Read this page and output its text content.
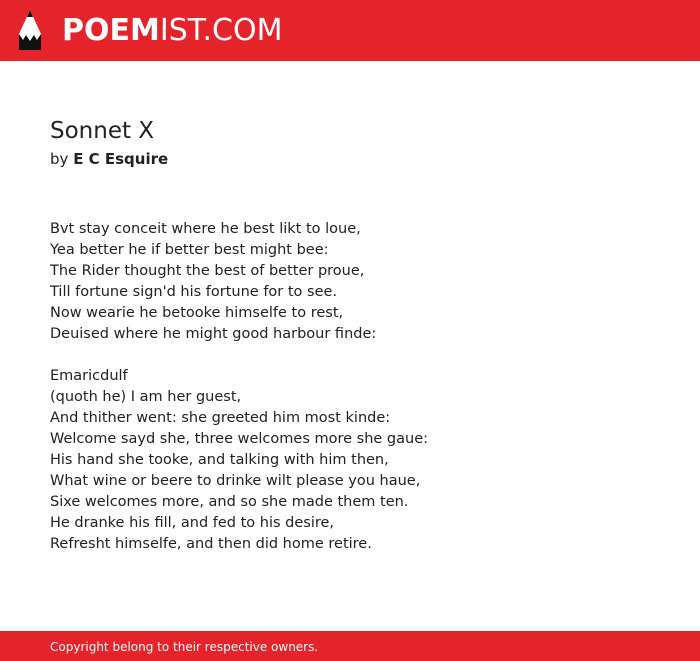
POEMIST.COM
Sonnet X
by E C Esquire
Bvt stay conceit where he best likt to loue,
Yea better he if better best might bee:
The Rider thought the best of better proue,
Till fortune sign'd his fortune for to see.
Now wearie he betooke himselfe to rest,
Deuised where he might good harbour finde:
Emaricdulf
(quoth he) I am her guest,
And thither went: she greeted him most kinde:
Welcome sayd she, three welcomes more she gaue:
His hand she tooke, and talking with him then,
What wine or beere to drinke wilt please you haue,
Sixe welcomes more, and so she made them ten.
He dranke his fill, and fed to his desire,
Refresht himselfe, and then did home retire.
Copyright belong to their respective owners.
